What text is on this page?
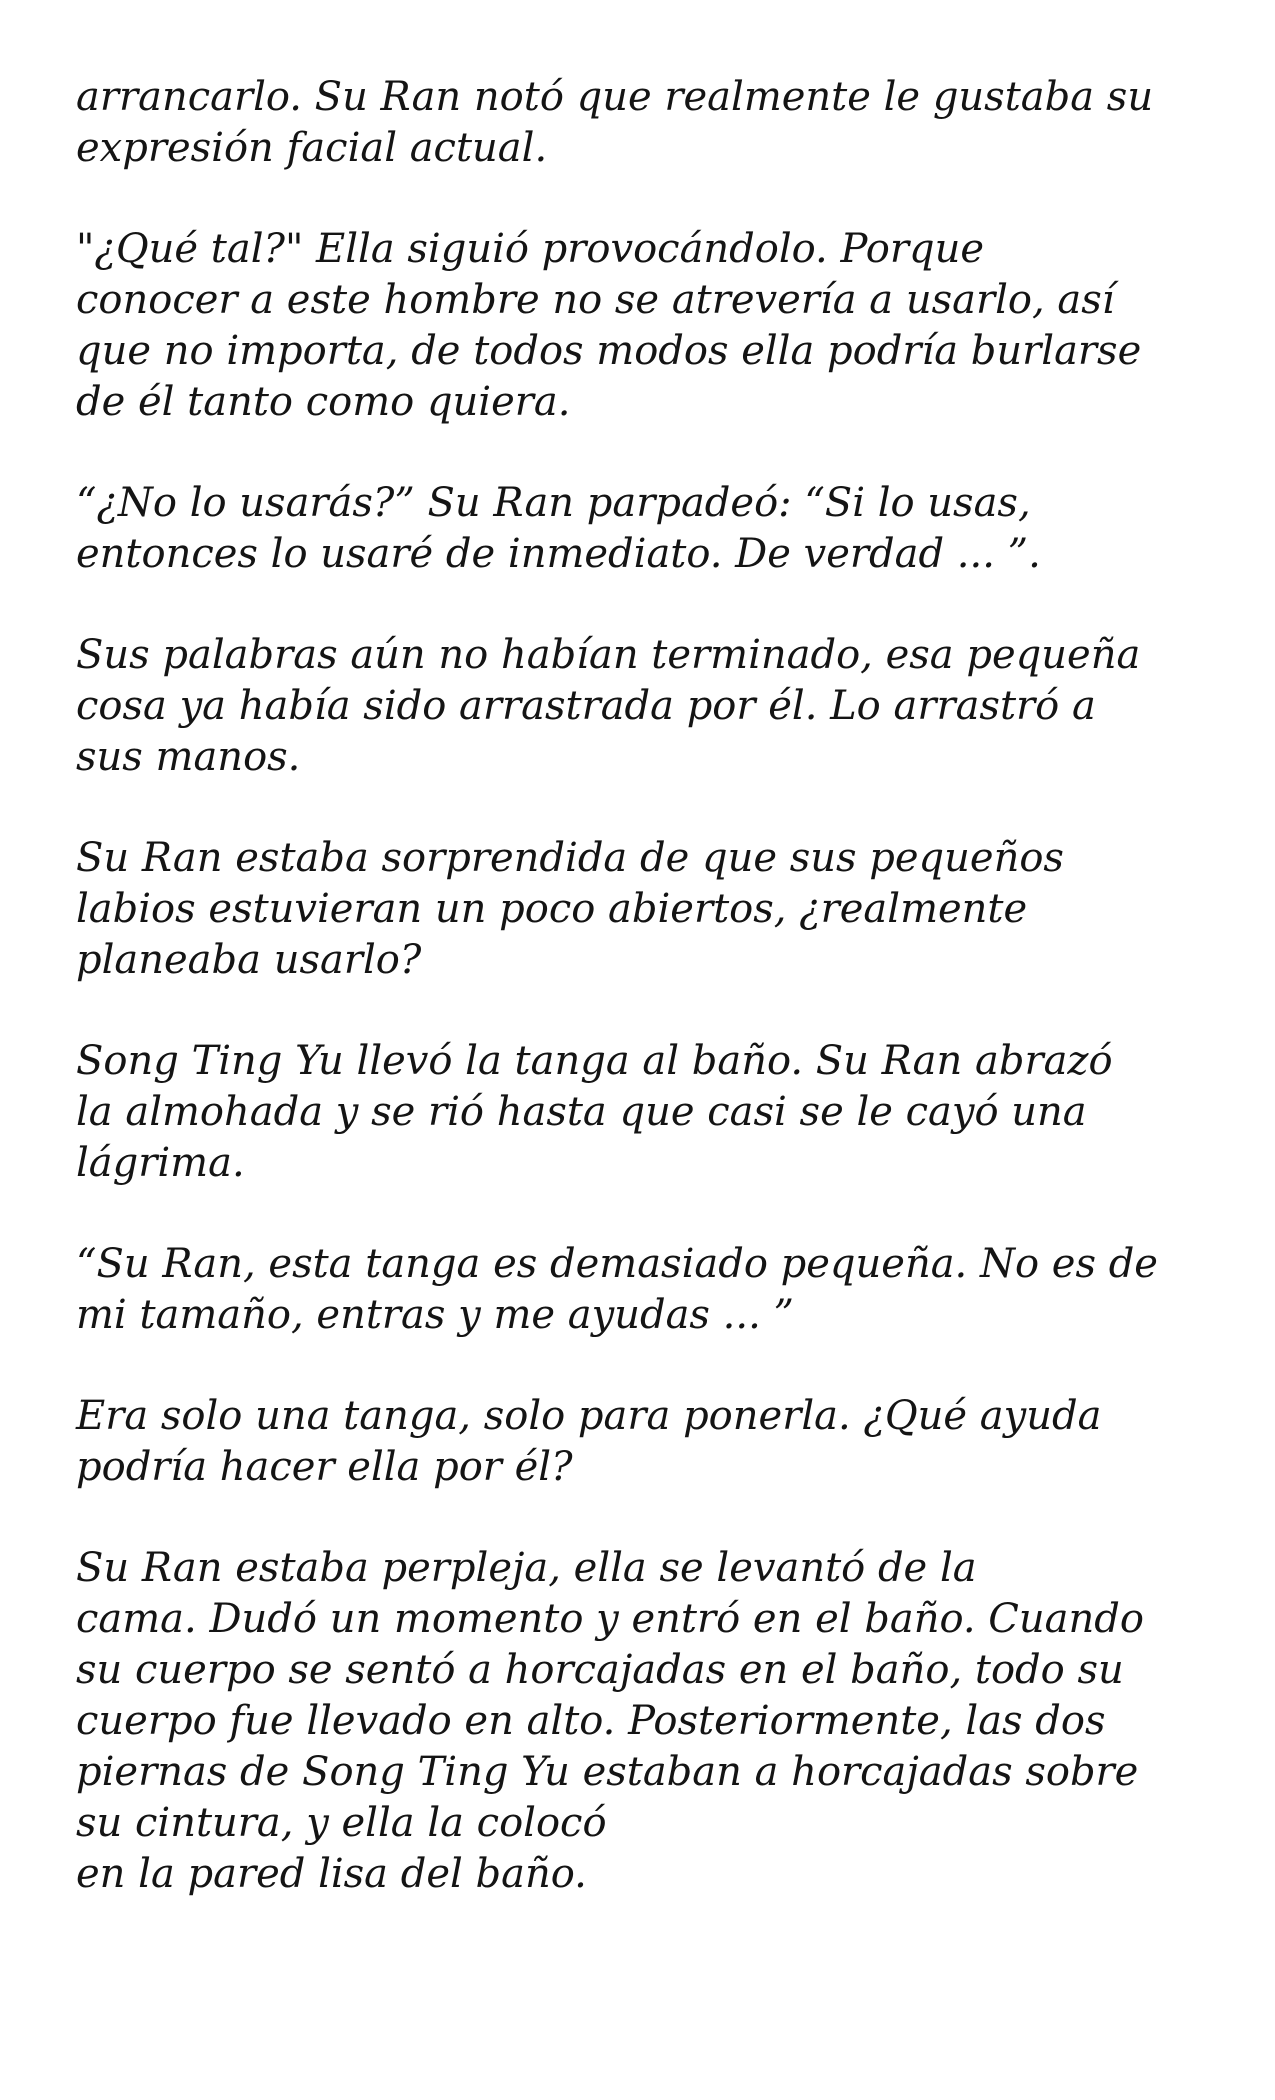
arrancarlo. Su Ran notó que realmente le gustaba su
expresión facial actual.

"¿Qué tal?" Ella siguió provocándolo. Porque
conocer a este hombre no se atrevería a usarlo, así
que no importa, de todos modos ella podría burlarse
de él tanto como quiera.

“¿No lo usarás?” Su Ran parpadeó: “Si lo usas,
entonces lo usaré de inmediato. De verdad ... ”.

Sus palabras aún no habían terminado, esa pequeña
cosa ya había sido arrastrada por él. Lo arrastró a
sus manos.

Su Ran estaba sorprendida de que sus pequeños
labios estuvieran un poco abiertos, ¿realmente
planeaba usarlo?

Song Ting Yu llevó la tanga al baño. Su Ran abrazó
la almohada y se rió hasta que casi se le cayó una
lágrima.

“Su Ran, esta tanga es demasiado pequeña. No es de
mi tamaño, entras y me ayudas ... ”

Era solo una tanga, solo para ponerla. ¿Qué ayuda
podría hacer ella por él?

Su Ran estaba perpleja, ella se levantó de la
cama. Dudó un momento y entró en el baño. Cuando
su cuerpo se sentó a horcajadas en el baño, todo su
cuerpo fue llevado en alto. Posteriormente, las dos
piernas de Song Ting Yu estaban a horcajadas sobre
su cintura, y ella la colocó
en la pared lisa del baño.
